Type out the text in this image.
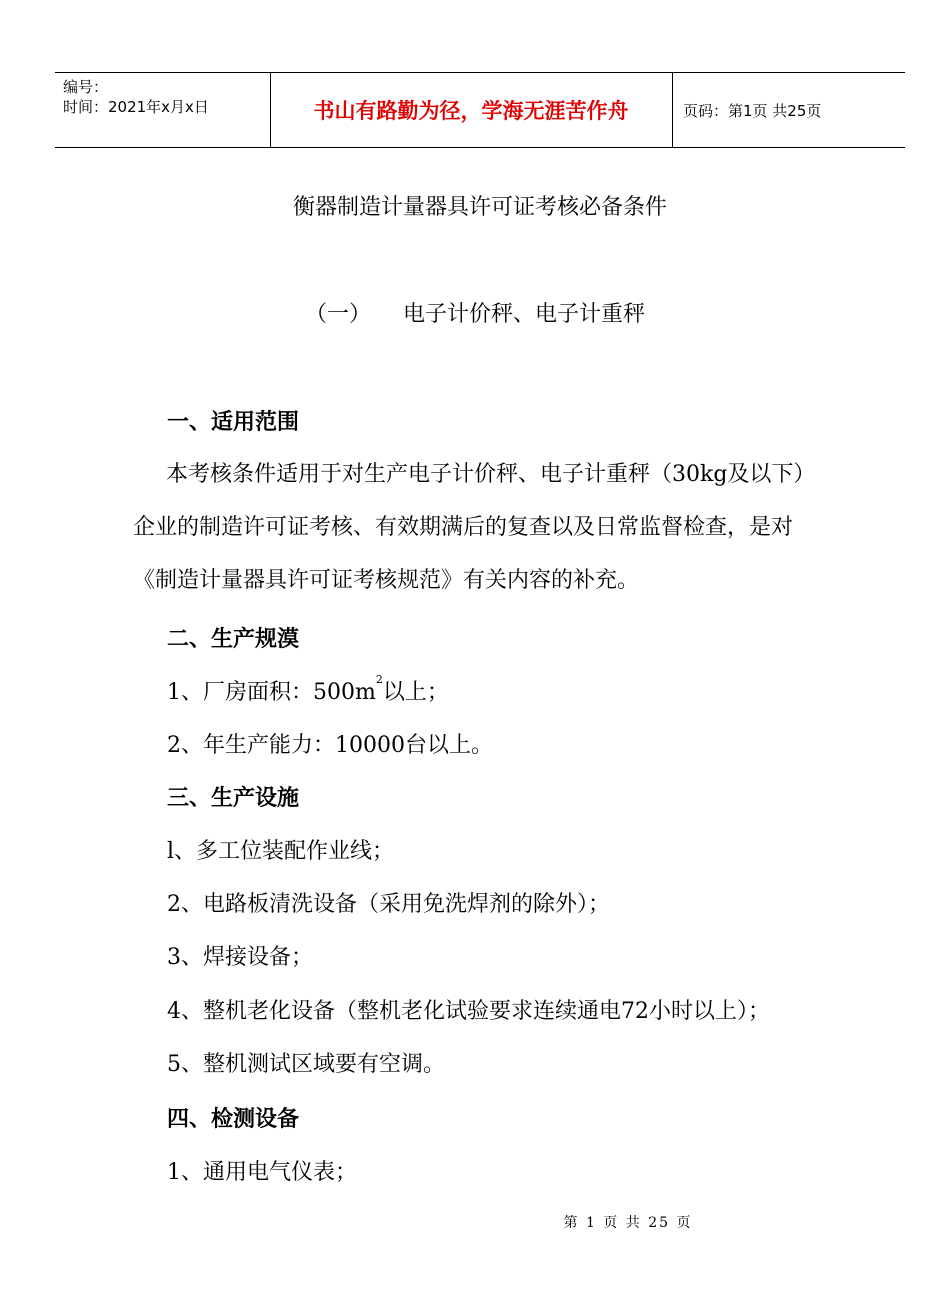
编号：
时间：2021年x月x日	书山有路勤为径，学海无涯苦作舟	页码：第1页 共25页
衡器制造计量器具许可证考核必备条件
（一） 电子计价秤、电子计重秤
一、适用范围
本考核条件适用于对生产电子计价秤、电子计重秤（30kg及以下）企业的制造许可证考核、有效期满后的复查以及日常监督检查，是对《制造计量器具许可证考核规范》有关内容的补充。
二、生产规漠
1、厂房面积：$500m^2$以上；
2、年生产能力：10000台以上。
三、生产设施
l、多工位装配作业线；
2、电路板清洗设备（采用免洗焊剂的除外）；
3、焊接设备；
4、整机老化设备（整机老化试验要求连续通电72小时以上）；
5、整机测试区域要有空调。
四、检测设备
1、通用电气仪表；
第 1 页 共 25 页
